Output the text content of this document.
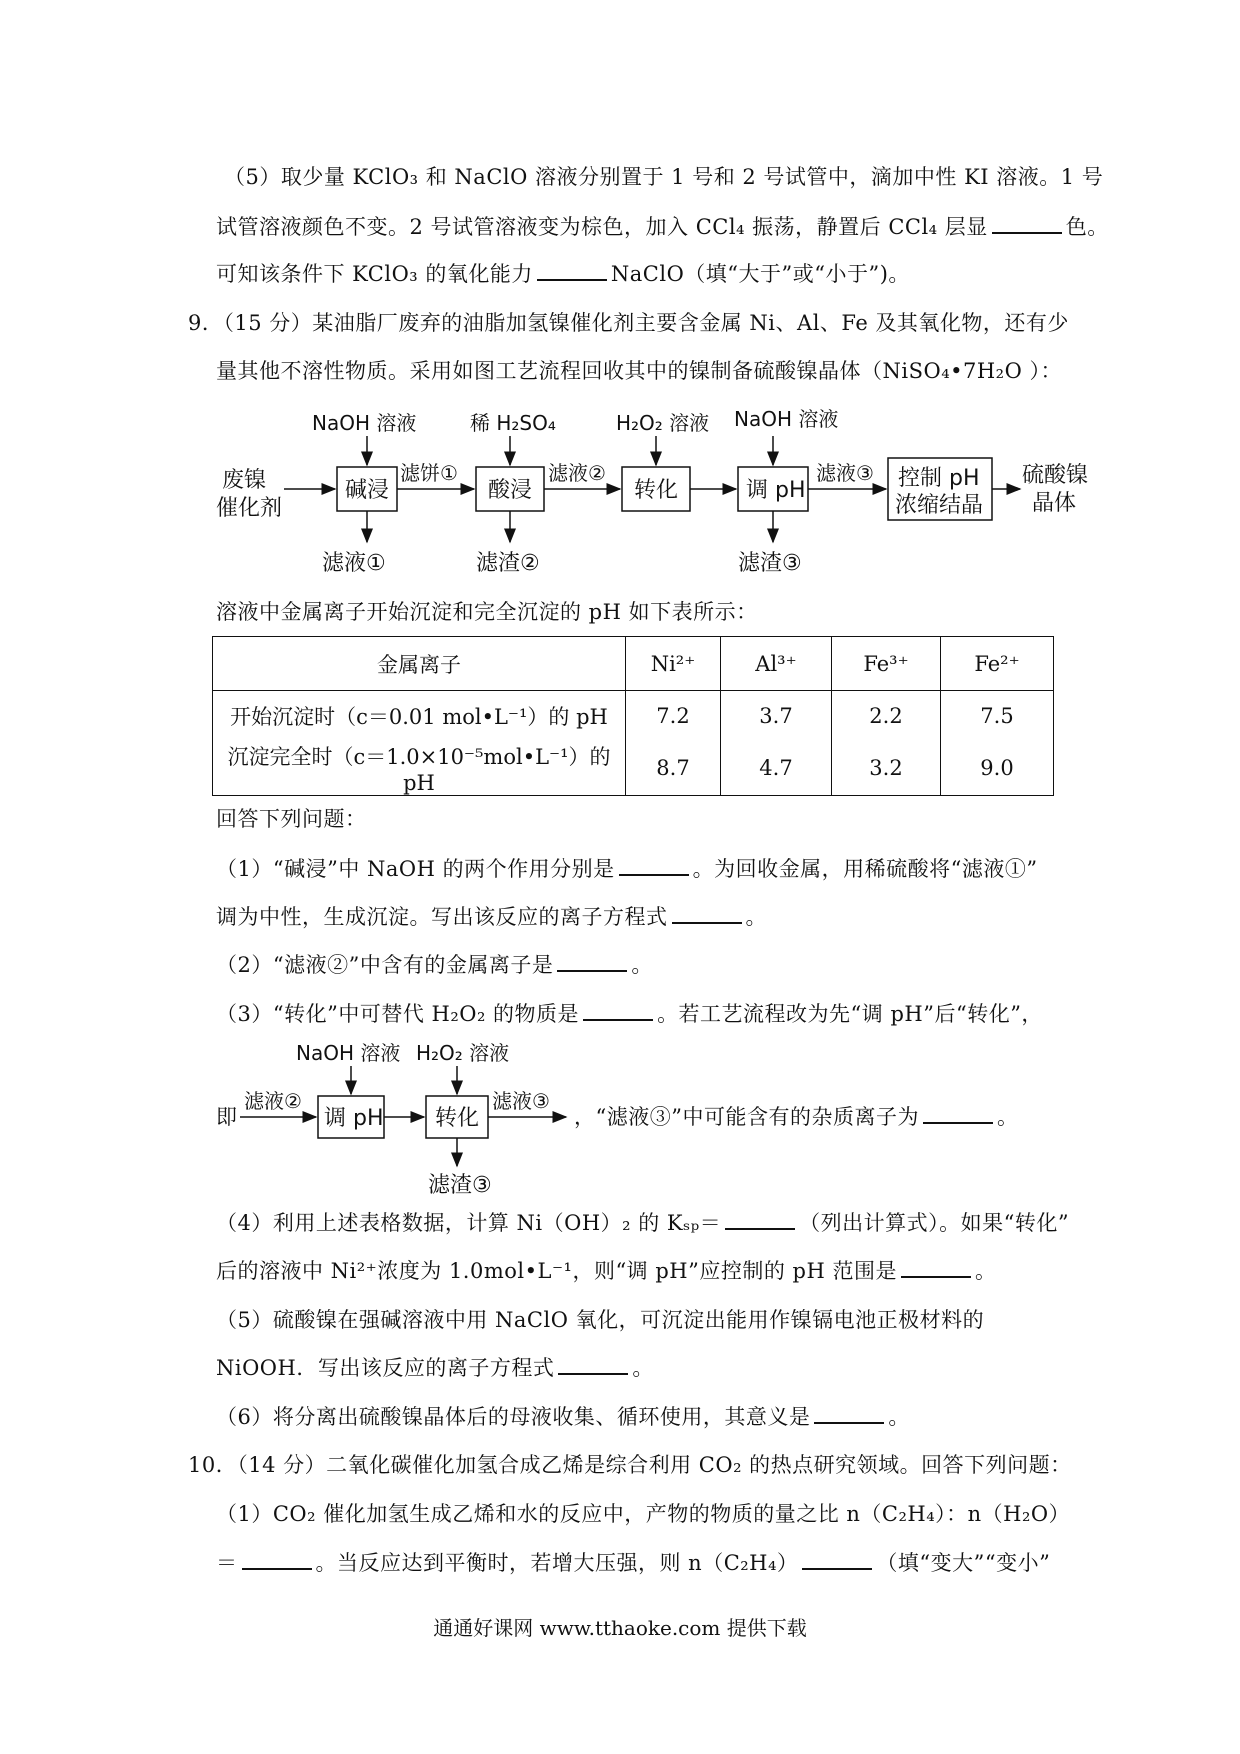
（5）取少量 KClO₃ 和 NaClO 溶液分别置于 1 号和 2 号试管中，滴加中性 KI 溶液。1 号
试管溶液颜色不变。2 号试管溶液变为棕色，加入 CCl₄ 振荡，静置后 CCl₄ 层显	色。
可知该条件下 KClO₃ 的氧化能力	NaClO（填“大于”或“小于”)。
9．（15 分）某油脂厂废弃的油脂加氢镍催化剂主要含金属 Ni、Al、Fe 及其氧化物，还有少
量其他不溶性物质。采用如图工艺流程回收其中的镍制备硫酸镍晶体（NiSO₄•7H₂O ）：
废镍
催化剂
NaOH 溶液	稀 H₂SO₄	H₂O₂ 溶液 NaOH 溶液
碱浸	酸浸	转化	调 pH	控制 pH
浓缩结晶
滤饼①	滤液②	滤液③
滤液①	滤渣②	滤渣③
硫酸镍
晶体
溶液中金属离子开始沉淀和完全沉淀的 pH 如下表所示：
金属离子	Ni²⁺	Al³⁺	Fe³⁺	Fe²⁺
开始沉淀时（c＝0.01 mol•L⁻¹）的 pH	7.2	3.7	2.2	7.5
沉淀完全时（c＝1.0×10⁻⁵mol•L⁻¹）的 pH	8.7	4.7	3.2	9.0
回答下列问题：
（1）“碱浸”中 NaOH 的两个作用分别是	。为回收金属，用稀硫酸将“滤液①”
调为中性，生成沉淀。写出该反应的离子方程式	。
（2）“滤液②”中含有的金属离子是	。
（3）“转化”中可替代 H₂O₂ 的物质是	。若工艺流程改为先“调 pH”后“转化”，
即
NaOH 溶液 H₂O₂ 溶液
滤液②
调 pH 转化
滤液③
滤渣③
，“滤液③”中可能含有的杂质离子为	。
（4）利用上述表格数据，计算 Ni（OH）₂ 的 Kₛₚ＝	（列出计算式）。如果“转化”
后的溶液中 Ni²⁺浓度为 1.0mol•L⁻¹，则“调 pH”应控制的 pH 范围是	。
（5）硫酸镍在强碱溶液中用 NaClO 氧化，可沉淀出能用作镍镉电池正极材料的
NiOOH．写出该反应的离子方程式	。
（6）将分离出硫酸镍晶体后的母液收集、循环使用，其意义是	。
10．（14 分）二氧化碳催化加氢合成乙烯是综合利用 CO₂ 的热点研究领域。回答下列问题：
（1）CO₂ 催化加氢生成乙烯和水的反应中，产物的物质的量之比 n（C₂H₄）：n（H₂O）
＝	。当反应达到平衡时，若增大压强，则 n（C₂H₄）	（填“变大”“变小”
通通好课网 www.tthaoke.com 提供下载
